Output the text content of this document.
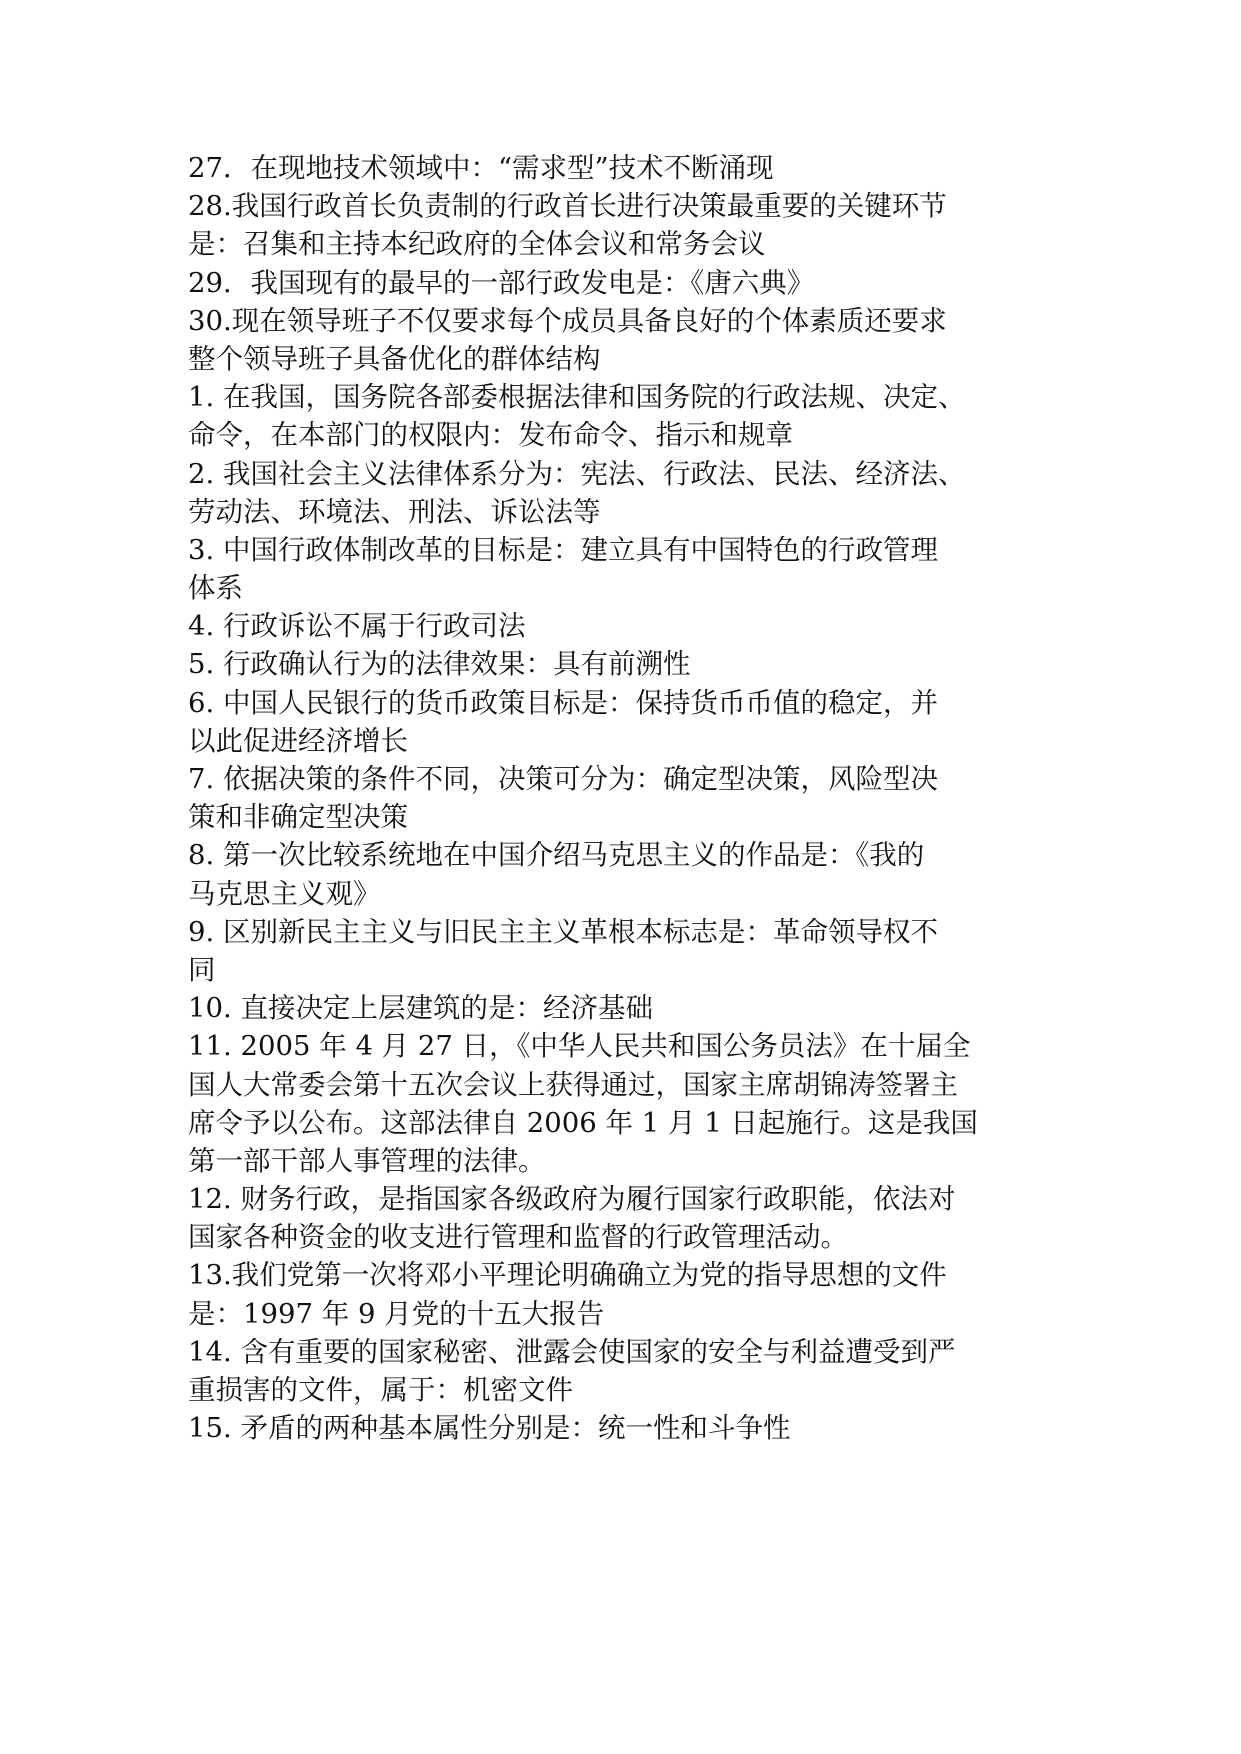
27．在现地技术领域中：“需求型”技术不断涌现

28.我国行政首长负责制的行政首长进行决策最重要的关键环节

是：召集和主持本纪政府的全体会议和常务会议

29．我国现有的最早的一部行政发电是：《唐六典》

30.现在领导班子不仅要求每个成员具备良好的个体素质还要求

整个领导班子具备优化的群体结构

1. 在我国，国务院各部委根据法律和国务院的行政法规、决定、

命令，在本部门的权限内：发布命令、指示和规章

2. 我国社会主义法律体系分为：宪法、行政法、民法、经济法、

劳动法、环境法、刑法、诉讼法等

3. 中国行政体制改革的目标是：建立具有中国特色的行政管理

体系

4. 行政诉讼不属于行政司法

5. 行政确认行为的法律效果：具有前溯性

6. 中国人民银行的货币政策目标是：保持货币币值的稳定，并

以此促进经济增长

7. 依据决策的条件不同，决策可分为：确定型决策，风险型决

策和非确定型决策

8. 第一次比较系统地在中国介绍马克思主义的作品是：《我的

马克思主义观》

9. 区别新民主主义与旧民主主义革根本标志是：革命领导权不

同

10. 直接决定上层建筑的是：经济基础

11. 2005 年 4 月 27 日，《中华人民共和国公务员法》在十届全

国人大常委会第十五次会议上获得通过，国家主席胡锦涛签署主

席令予以公布。这部法律自 2006 年 1 月 1 日起施行。这是我国

第一部干部人事管理的法律。

12. 财务行政，是指国家各级政府为履行国家行政职能，依法对

国家各种资金的收支进行管理和监督的行政管理活动。

13.我们党第一次将邓小平理论明确确立为党的指导思想的文件

是：1997 年 9 月党的十五大报告

14. 含有重要的国家秘密、泄露会使国家的安全与利益遭受到严

重损害的文件，属于：机密文件

15. 矛盾的两种基本属性分别是：统一性和斗争性
